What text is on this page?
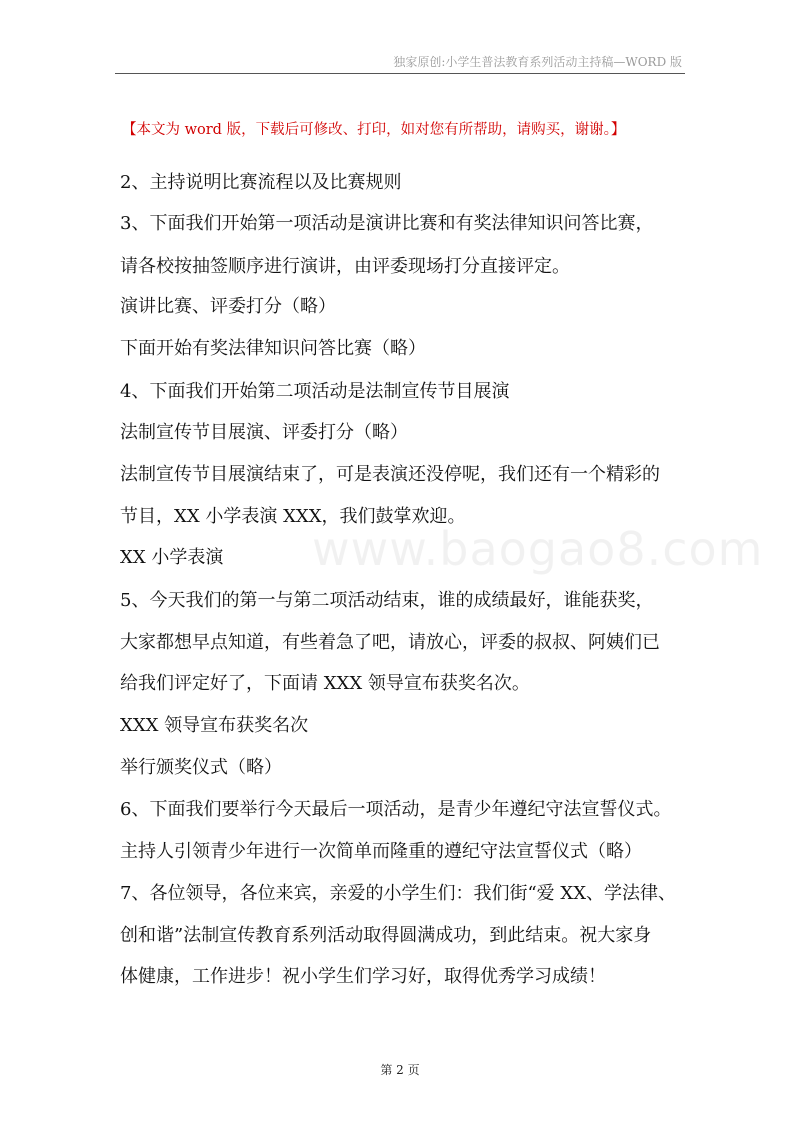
独家原创:小学生普法教育系列活动主持稿—WORD 版
【本文为 word 版，下载后可修改、打印，如对您有所帮助，请购买，谢谢。】
2、主持说明比赛流程以及比赛规则
3、下面我们开始第一项活动是演讲比赛和有奖法律知识问答比赛，
请各校按抽签顺序进行演讲，由评委现场打分直接评定。
演讲比赛、评委打分（略）
下面开始有奖法律知识问答比赛（略）
4、下面我们开始第二项活动是法制宣传节目展演
法制宣传节目展演、评委打分（略）
法制宣传节目展演结束了，可是表演还没停呢，我们还有一个精彩的
节目，XX 小学表演 XXX，我们鼓掌欢迎。
XX 小学表演
5、今天我们的第一与第二项活动结束，谁的成绩最好，谁能获奖，
大家都想早点知道，有些着急了吧，请放心，评委的叔叔、阿姨们已
给我们评定好了，下面请 XXX 领导宣布获奖名次。
XXX 领导宣布获奖名次
举行颁奖仪式（略）
6、下面我们要举行今天最后一项活动，是青少年遵纪守法宣誓仪式。
主持人引领青少年进行一次简单而隆重的遵纪守法宣誓仪式（略）
7、各位领导，各位来宾，亲爱的小学生们：我们街“爱 XX、学法律、
创和谐”法制宣传教育系列活动取得圆满成功，到此结束。祝大家身
体健康，工作进步！祝小学生们学习好，取得优秀学习成绩！
www.baogao8.com
第 2 页
